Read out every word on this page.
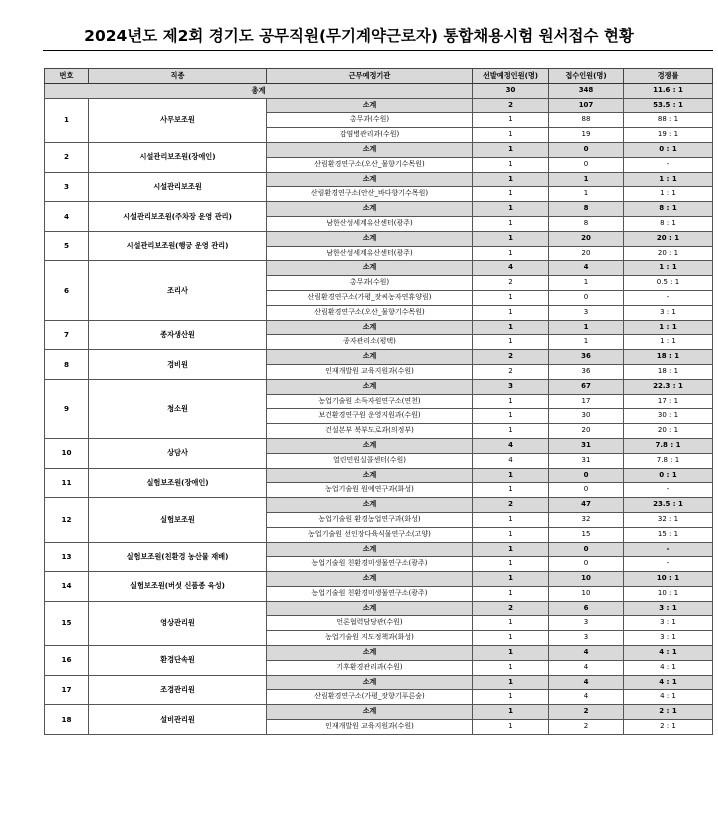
2024년도 제2회 경기도 공무직원(무기계약근로자) 통합채용시험 원서접수 현황
번호	직종	근무예정기관	선발예정인원(명)	접수인원(명)	경쟁률
총계			30	348	11.6 : 1
1	사무보조원	소계	2	107	53.5 : 1
		총무과(수원)	1	88	88 : 1
		감염병관리과(수원)	1	19	19 : 1
2	시설관리보조원(장애인)	소계	1	0	0 : 1
		산림환경연구소(오산_물향기수목원)	1	0	-
3	시설관리보조원	소계	1	1	1 : 1
		산림환경연구소(안산_바다향기수목원)	1	1	1 : 1
4	시설관리보조원(주차장 운영 관리)	소계	1	8	8 : 1
		남한산성세계유산센터(광주)	1	8	8 : 1
5	시설관리보조원(행궁 운영 관리)	소계	1	20	20 : 1
		남한산성세계유산센터(광주)	1	20	20 : 1
6	조리사	소계	4	4	1 : 1
		총무과(수원)	2	1	0.5 : 1
		산림환경연구소(가평_잣씨농자연휴양림)	1	0	-
		산림환경연구소(오산_물향기수목원)	1	3	3 : 1
7	종자생산원	소계	1	1	1 : 1
		종자관리소(평택)	1	1	1 : 1
8	경비원	소계	2	36	18 : 1
		인재개발원 교육지원과(수원)	2	36	18 : 1
9	청소원	소계	3	67	22.3 : 1
		농업기술원 소득자원연구소(연천)	1	17	17 : 1
		보건환경연구원 운영지원과(수원)	1	30	30 : 1
		건설본부 북부도로과(의정부)	1	20	20 : 1
10	상담사	소계	4	31	7.8 : 1
		열린민원실콜센터(수원)	4	31	7.8 : 1
11	실험보조원(장애인)	소계	1	0	0 : 1
		농업기술원 원예연구과(화성)	1	0	-
12	실험보조원	소계	2	47	23.5 : 1
		농업기술원 환경농업연구과(화성)	1	32	32 : 1
		농업기술원 선인장다육식물연구소(고양)	1	15	15 : 1
13	실험보조원(친환경 농산물 재배)	소계	1	0	-
		농업기술원 친환경미생물연구소(광주)	1	0	-
14	실험보조원(버섯 신품종 육성)	소계	1	10	10 : 1
		농업기술원 친환경미생물연구소(광주)	1	10	10 : 1
15	영상관리원	소계	2	6	3 : 1
		언론협력담당관(수원)	1	3	3 : 1
		농업기술원 지도정책과(화성)	1	3	3 : 1
16	환경단속원	소계	1	4	4 : 1
		기후환경관리과(수원)	1	4	4 : 1
17	조경관리원	소계	1	4	4 : 1
		산림환경연구소(가평_잣향기푸른숲)	1	4	4 : 1
18	설비관리원	소계	1	2	2 : 1
		인재개발원 교육지원과(수원)	1	2	2 : 1
